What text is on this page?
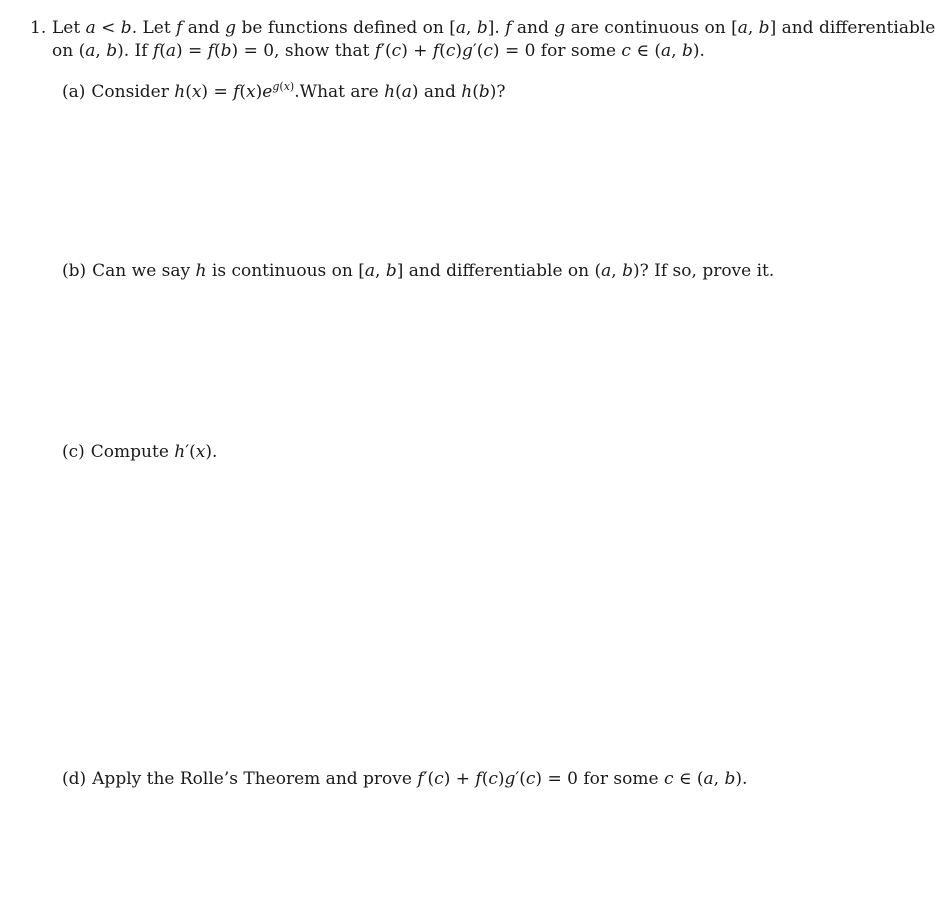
1. Let a < b. Let f and g be functions defined on [a, b]. f and g are continuous on [a, b] and differentiable
on (a, b). If f(a) = f(b) = 0, show that f′(c) + f(c)g′(c) = 0 for some c ∈ (a, b).
(a) Consider $h(x) = f(x)e^{g(x)}.What$ are h(a) and h(b)?
(b) Can we say h is continuous on [a, b] and differentiable on (a, b)? If so, prove it.
(c) Compute h′(x).
(d) Apply the Rolle’s Theorem and prove f′(c) + f(c)g′(c) = 0 for some c ∈ (a, b).
